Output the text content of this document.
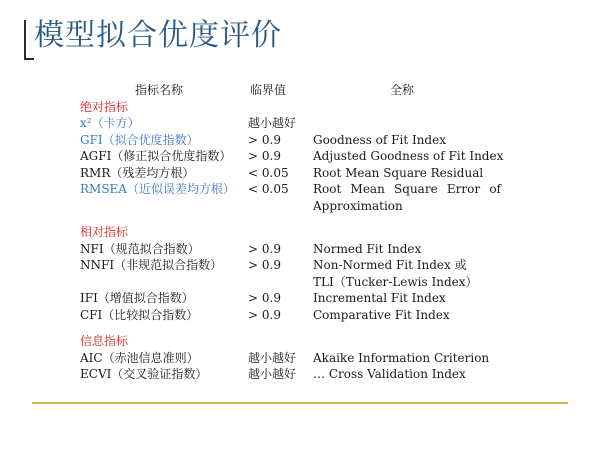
模型拟合优度评价
指标名称	临界值	全称
绝对指标
x²（卡方）	越小越好
GFI（拟合优度指数）	> 0.9	Goodness of Fit Index
AGFI（修正拟合优度指数） > 0.9	Adjusted Goodness of Fit Index
RMR（残差均方根）	< 0.05 Root Mean Square Residual
RMSEA（近似误差均方根） < 0.05 Root Mean Square Error of
Approximation
相对指标
NFI（规范拟合指数）	> 0.9	Normed Fit Index
NNFI（非规范拟合指数） > 0.9	Non-Normed Fit Index 或
TLI（Tucker-Lewis Index）
IFI（增值拟合指数）	> 0.9	Incremental Fit Index
CFI（比较拟合指数）	> 0.9	Comparative Fit Index
信息指标
AIC（赤池信息准则）	越小越好 Akaike Information Criterion
ECVI（交叉验证指数）	越小越好 … Cross Validation Index
